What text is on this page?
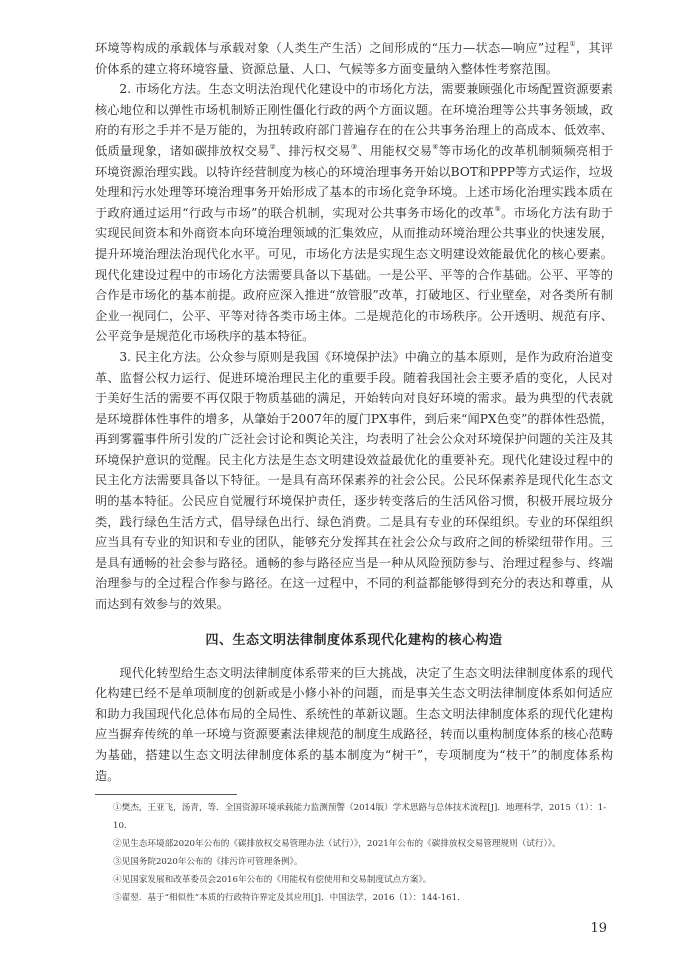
环境等构成的承载体与承载对象（人类生产生活）之间形成的“压力—状态—响应”过程①，其评价体系的建立将环境容量、资源总量、人口、气候等多方面变量纳入整体性考察范围。

2. 市场化方法。生态文明法治现代化建设中的市场化方法，需要兼顾强化市场配置资源要素核心地位和以弹性市场机制矫正刚性僵化行政的两个方面议题。在环境治理等公共事务领域，政府的有形之手并不是万能的，为扭转政府部门普遍存在的在公共事务治理上的高成本、低效率、低质量现象，诸如碳排放权交易②、排污权交易③、用能权交易④等市场化的改革机制频频亮相于环境资源治理实践。以特许经营制度为核心的环境治理事务开始以BOT和PPP等方式运作，垃圾处理和污水处理等环境治理事务开始形成了基本的市场化竞争环境。上述市场化治理实践本质在于政府通过运用“行政与市场”的联合机制，实现对公共事务市场化的改革⑤。市场化方法有助于实现民间资本和外商资本向环境治理领域的汇集效应，从而推动环境治理公共事业的快速发展，提升环境治理法治现代化水平。可见，市场化方法是实现生态文明建设效能最优化的核心要素。现代化建设过程中的市场化方法需要具备以下基础。一是公平、平等的合作基础。公平、平等的合作是市场化的基本前提。政府应深入推进“放管服”改革，打破地区、行业壁垒，对各类所有制企业一视同仁，公平、平等对待各类市场主体。二是规范化的市场秩序。公开透明、规范有序、公平竞争是规范化市场秩序的基本特征。

3. 民主化方法。公众参与原则是我国《环境保护法》中确立的基本原则，是作为政府治道变革、监督公权力运行、促进环境治理民主化的重要手段。随着我国社会主要矛盾的变化，人民对于美好生活的需要不再仅限于物质基础的满足，开始转向对良好环境的需求。最为典型的代表就是环境群体性事件的增多，从肇始于2007年的厦门PX事件，到后来“闻PX色变”的群体性恐慌，再到雾霾事件所引发的广泛社会讨论和舆论关注，均表明了社会公众对环境保护问题的关注及其环境保护意识的觉醒。民主化方法是生态文明建设效益最优化的重要补充。现代化建设过程中的民主化方法需要具备以下特征。一是具有高环保素养的社会公民。公民环保素养是现代化生态文明的基本特征。公民应自觉履行环境保护责任，逐步转变落后的生活风俗习惯，积极开展垃圾分类，践行绿色生活方式，倡导绿色出行、绿色消费。二是具有专业的环保组织。专业的环保组织应当具有专业的知识和专业的团队，能够充分发挥其在社会公众与政府之间的桥梁纽带作用。三是具有通畅的社会参与路径。通畅的参与路径应当是一种从风险预防参与、治理过程参与、终端治理参与的全过程合作参与路径。在这一过程中，不同的利益都能够得到充分的表达和尊重，从而达到有效参与的效果。

四、生态文明法律制度体系现代化建构的核心构造

现代化转型给生态文明法律制度体系带来的巨大挑战，决定了生态文明法律制度体系的现代化构建已经不是单项制度的创新或是小修小补的问题，而是事关生态文明法律制度体系如何适应和助力我国现代化总体布局的全局性、系统性的革新议题。生态文明法律制度体系的现代化建构应当摒弃传统的单一环境与资源要素法律规范的制度生成路径，转而以重构制度体系的核心范畴为基础，搭建以生态文明法律制度体系的基本制度为“树干”，专项制度为“枝干”的制度体系构造。

①樊杰，王亚飞，汤青，等．全国资源环境承载能力监测预警（2014版）学术思路与总体技术流程[J]．地理科学，2015（1）：1-10.
②见生态环境部2020年公布的《碳排放权交易管理办法（试行）》，2021年公布的《碳排放权交易管理规则（试行）》。
③见国务院2020年公布的《排污许可管理条例》。
④见国家发展和改革委员会2016年公布的《用能权有偿使用和交易制度试点方案》。
⑤翟翌．基于“相似性”本质的行政特许界定及其应用[J]．中国法学，2016（1）：144-161.
19
